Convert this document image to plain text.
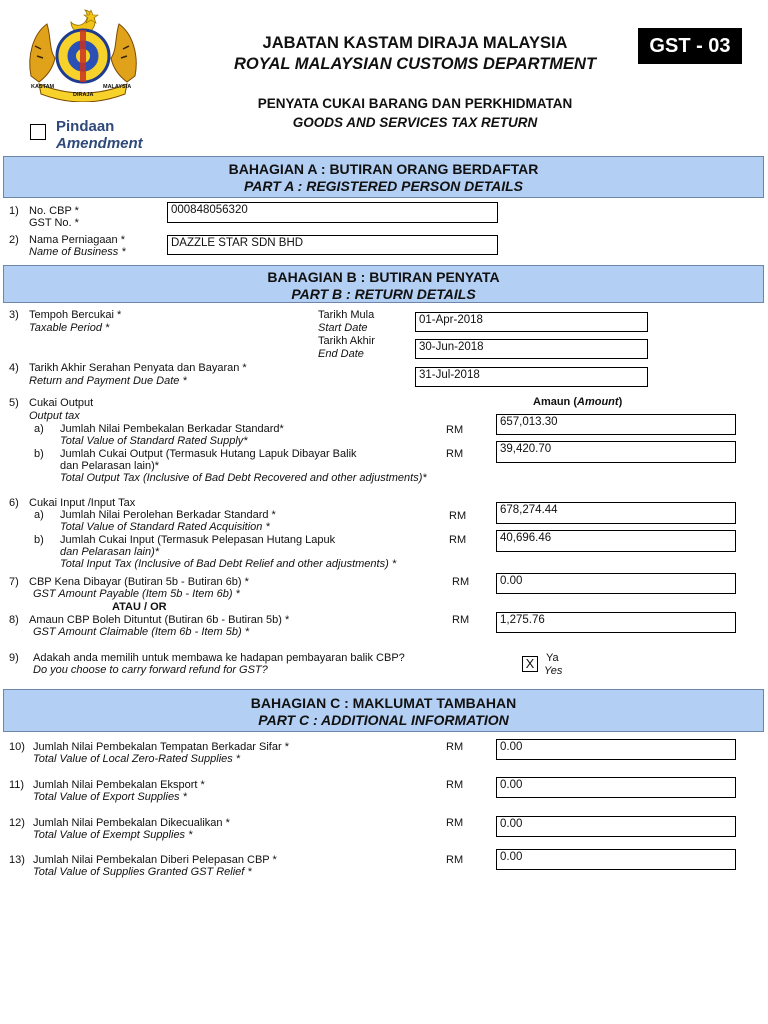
KASTAM
DIRAJA
MALAYSIA
JABATAN KASTAM DIRAJA MALAYSIA
ROYAL MALAYSIAN CUSTOMS DEPARTMENT
GST - 03
PENYATA CUKAI BARANG DAN PERKHIDMATAN
GOODS AND SERVICES TAX RETURN
Pindaan
Amendment
BAHAGIAN A : BUTIRAN ORANG BERDAFTAR
PART A : REGISTERED PERSON DETAILS
1) No. CBP *
GST No. *
000848056320
2) Nama Perniagaan *
Name of Business *
DAZZLE STAR SDN BHD
BAHAGIAN B : BUTIRAN PENYATA
PART B : RETURN DETAILS
3) Tempoh Bercukai *
Taxable Period *
Tarikh Mula
Start Date
01-Apr-2018
Tarikh Akhir
End Date
30-Jun-2018
4) Tarikh Akhir Serahan Penyata dan Bayaran *
Return and Payment Due Date *	31-Jul-2018
Amaun (Amount)
5) Cukai Output
Output tax
a) Jumlah Nilai Pembekalan Berkadar Standard*
Total Value of Standard Rated Supply*
RM
657,013.30
b) Jumlah Cukai Output (Termasuk Hutang Lapuk Dibayar Balik
dan Pelarasan lain)*
Total Output Tax (Inclusive of Bad Debt Recovered and other adjustments)*
RM	39,420.70
6) Cukai Input /Input Tax
a) Jumlah Nilai Perolehan Berkadar Standard *
Total Value of Standard Rated Acquisition *
RM	678,274.44
b) Jumlah Cukai Input (Termasuk Pelepasan Hutang Lapuk
dan Pelarasan lain)*
Total Input Tax (Inclusive of Bad Debt Relief and other adjustments) *
RM	40,696.46
7) CBP Kena Dibayar (Butiran 5b - Butiran 6b) *
GST Amount Payable (Item 5b - Item 6b) *
RM	0.00
ATAU / OR
8) Amaun CBP Boleh Dituntut (Butiran 6b - Butiran 5b) *
GST Amount Claimable (Item 6b - Item 5b) *
RM	1,275.76
9) Adakah anda memilih untuk membawa ke hadapan pembayaran balik CBP?
Do you choose to carry forward refund for GST?	X	Ya
Yes
BAHAGIAN C : MAKLUMAT TAMBAHAN
PART C : ADDITIONAL INFORMATION
10) Jumlah Nilai Pembekalan Tempatan Berkadar Sifar *
Total Value of Local Zero-Rated Supplies *
RM	0.00
11) Jumlah Nilai Pembekalan Eksport *
Total Value of Export Supplies *
RM	0.00
12) Jumlah Nilai Pembekalan Dikecualikan *
Total Value of Exempt Supplies *
RM	0.00
13) Jumlah Nilai Pembekalan Diberi Pelepasan CBP *
Total Value of Supplies Granted GST Relief *
RM	0.00
